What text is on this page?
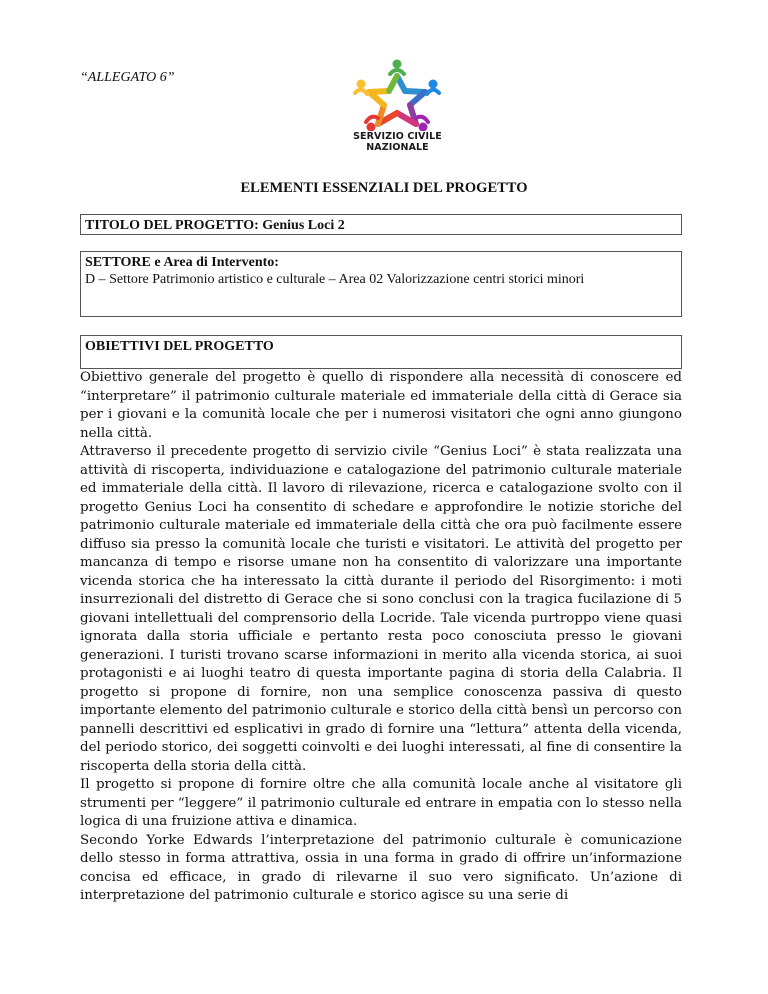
“ALLEGATO 6”
SERVIZIO CIVILE
NAZIONALE
ELEMENTI ESSENZIALI DEL PROGETTO
TITOLO DEL PROGETTO: Genius Loci 2
SETTORE e Area di Intervento:
D – Settore Patrimonio artistico e culturale – Area 02 Valorizzazione centri storici minori
OBIETTIVI DEL PROGETTO

Obiettivo generale del progetto è quello di rispondere alla necessità di conoscere ed “interpretare” il patrimonio culturale materiale ed immateriale della città di Gerace sia per i giovani e la comunità locale che per i numerosi visitatori che ogni anno giungono nella città.

Attraverso il precedente progetto di servizio civile “Genius Loci” è stata realizzata una attività di riscoperta, individuazione e catalogazione del patrimonio culturale materiale ed immateriale della città. Il lavoro di rilevazione, ricerca e catalogazione svolto con il progetto Genius Loci ha consentito di schedare e approfondire le notizie storiche del patrimonio culturale materiale ed immateriale della città che ora può facilmente essere diffuso sia presso la comunità locale che turisti e visitatori. Le attività del progetto per mancanza di tempo e risorse umane non ha consentito di valorizzare una importante vicenda storica che ha interessato la città durante il periodo del Risorgimento: i moti insurrezionali del distretto di Gerace che si sono conclusi con la tragica fucilazione di 5 giovani intellettuali del comprensorio della Locride. Tale vicenda purtroppo viene quasi ignorata dalla storia ufficiale e pertanto resta poco conosciuta presso le giovani generazioni. I turisti trovano scarse informazioni in merito alla vicenda storica, ai suoi protagonisti e ai luoghi teatro di questa importante pagina di storia della Calabria. Il progetto si propone di fornire, non una semplice conoscenza passiva di questo importante elemento del patrimonio culturale e storico della città bensì un percorso con pannelli descrittivi ed esplicativi in grado di fornire una “lettura” attenta della vicenda, del periodo storico, dei soggetti coinvolti e dei luoghi interessati, al fine di consentire la riscoperta della storia della città.

Il progetto si propone di fornire oltre che alla comunità locale anche al visitatore gli strumenti per “leggere” il patrimonio culturale ed entrare in empatia con lo stesso nella logica di una fruizione attiva e dinamica.

Secondo Yorke Edwards l’interpretazione del patrimonio culturale è comunicazione dello stesso in forma attrattiva, ossia in una forma in grado di offrire un’informazione concisa ed efficace, in grado di rilevarne il suo vero significato. Un’azione di interpretazione del patrimonio culturale e storico agisce su una serie di
